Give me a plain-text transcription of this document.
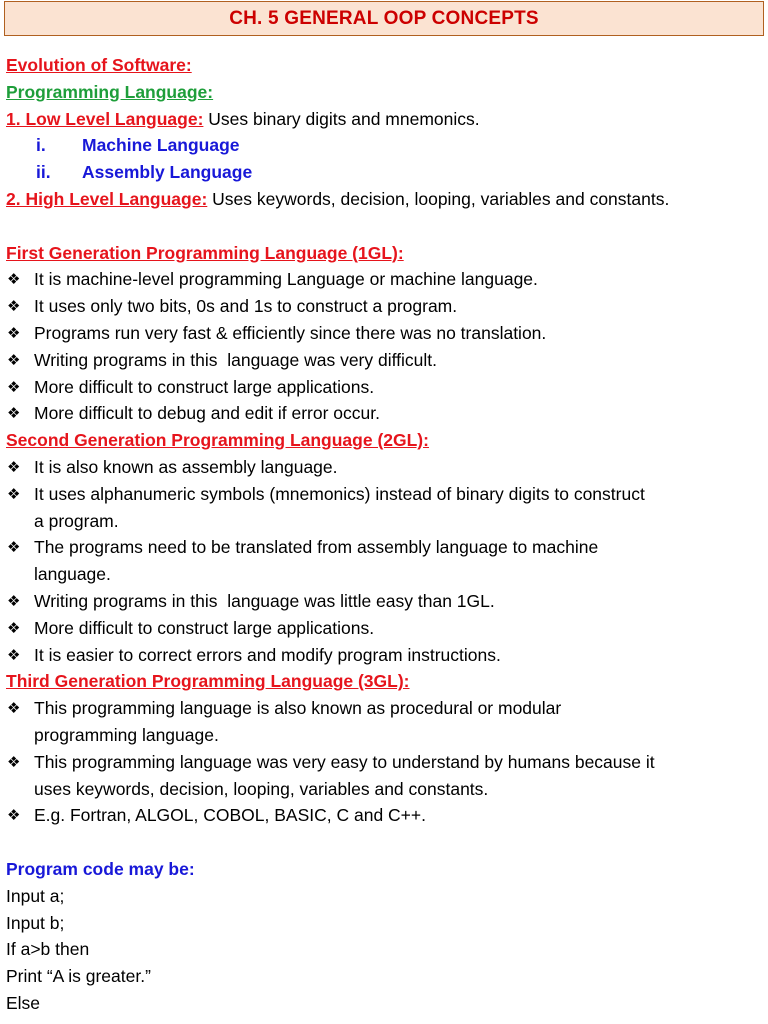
CH. 5 GENERAL OOP CONCEPTS
Evolution of Software:
Programming Language:
1. Low Level Language: Uses binary digits and mnemonics.
i. Machine Language
ii. Assembly Language
2. High Level Language: Uses keywords, decision, looping, variables and constants.
First Generation Programming Language (1GL):
❖ It is machine-level programming Language or machine language.
❖ It uses only two bits, 0s and 1s to construct a program.
❖ Programs run very fast & efficiently since there was no translation.
❖ Writing programs in this  language was very difficult.
❖ More difficult to construct large applications.
❖ More difficult to debug and edit if error occur.
Second Generation Programming Language (2GL):
❖ It is also known as assembly language.
❖ It uses alphanumeric symbols (mnemonics) instead of binary digits to construct
a program.
❖ The programs need to be translated from assembly language to machine
language.
❖ Writing programs in this  language was little easy than 1GL.
❖ More difficult to construct large applications.
❖ It is easier to correct errors and modify program instructions.
Third Generation Programming Language (3GL):
❖ This programming language is also known as procedural or modular
programming language.
❖ This programming language was very easy to understand by humans because it
uses keywords, decision, looping, variables and constants.
❖ E.g. Fortran, ALGOL, COBOL, BASIC, C and C++.
Program code may be:
Input a;
Input b;
If a>b then
Print “A is greater.”
Else
